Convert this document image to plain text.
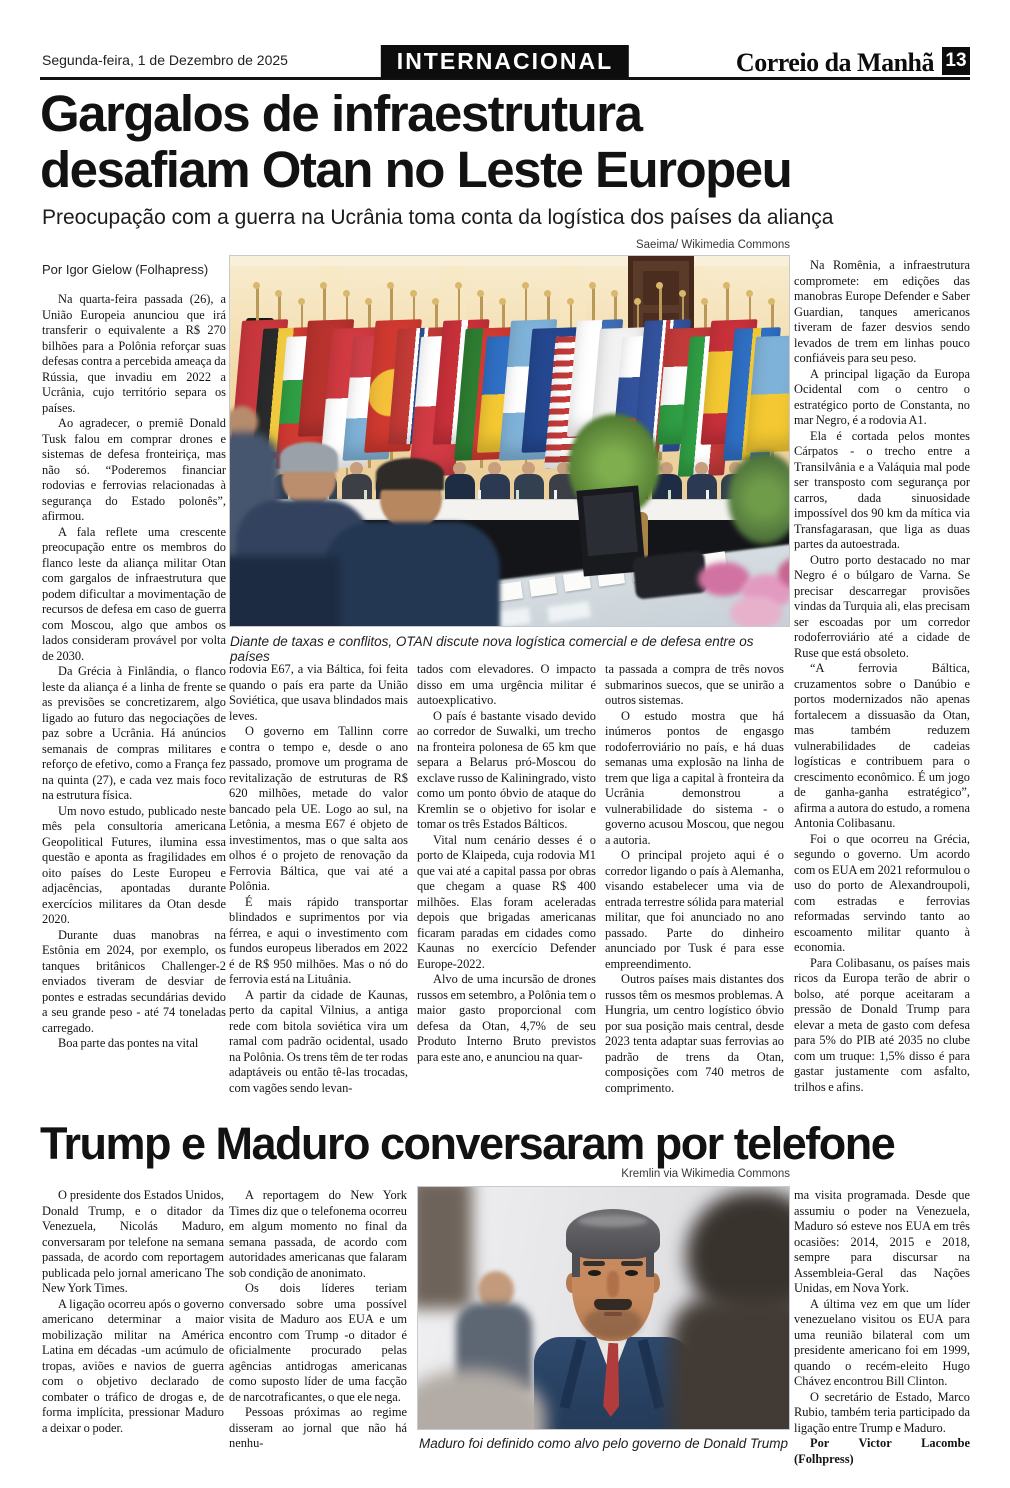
Segunda-feira, 1 de Dezembro de 2025	INTERNACIONAL	Correio da Manhã 13
Gargalos de infraestrutura
desafiam Otan no Leste Europeu
Preocupação com a guerra na Ucrânia toma conta da logística dos países da aliança
Por Igor Gielow (Folhapress)
Saeima/ Wikimedia Commons
Diante de taxas e conflitos, OTAN discute nova logística comercial e de defesa entre os países

Na quarta-feira passada (26), a União Europeia anunciou que irá transferir o equivalente a R$ 270 bilhões para a Polônia reforçar suas defesas contra a percebida ameaça da Rússia, que invadiu em 2022 a Ucrânia, cujo território separa os países.

Ao agradecer, o premiê Donald Tusk falou em comprar drones e sistemas de defesa fronteiriça, mas não só. “Poderemos financiar rodovias e ferrovias relacionadas à segurança do Estado polonês”, afirmou.

A fala reflete uma crescente preocupação entre os membros do flanco leste da aliança militar Otan com gargalos de infraestrutura que podem dificultar a movimentação de recursos de defesa em caso de guerra com Moscou, algo que ambos os lados consideram provável por volta de 2030.

Da Grécia à Finlândia, o flanco leste da aliança é a linha de frente se as previsões se concretizarem, algo ligado ao futuro das negociações de paz sobre a Ucrânia. Há anúncios semanais de compras militares e reforço de efetivo, como a França fez na quinta (27), e cada vez mais foco na estrutura física.

Um novo estudo, publicado neste mês pela consultoria americana Geopolitical Futures, ilumina essa questão e aponta as fragilidades em oito países do Leste Europeu e adjacências, apontadas durante exercícios militares da Otan desde 2020.

Durante duas manobras na Estônia em 2024, por exemplo, os tanques britânicos Challenger-2 enviados tiveram de desviar de pontes e estradas secundárias devido a seu grande peso - até 74 toneladas carregado.

Boa parte das pontes na vital

rodovia E67, a via Báltica, foi feita quando o país era parte da União Soviética, que usava blindados mais leves.

O governo em Tallinn corre contra o tempo e, desde o ano passado, promove um programa de revitalização de estruturas de R$ 620 milhões, metade do valor bancado pela UE. Logo ao sul, na Letônia, a mesma E67 é objeto de investimentos, mas o que salta aos olhos é o projeto de renovação da Ferrovia Báltica, que vai até a Polônia.

É mais rápido transportar blindados e suprimentos por via férrea, e aqui o investimento com fundos europeus liberados em 2022 é de R$ 950 milhões. Mas o nó do ferrovia está na Lituânia.

A partir da cidade de Kaunas, perto da capital Vilnius, a antiga rede com bitola soviética vira um ramal com padrão ocidental, usado na Polônia. Os trens têm de ter rodas adaptáveis ou então tê-las trocadas, com vagões sendo levan-

tados com elevadores. O impacto disso em uma urgência militar é autoexplicativo.

O país é bastante visado devido ao corredor de Suwalki, um trecho na fronteira polonesa de 65 km que separa a Belarus pró-Moscou do exclave russo de Kaliningrado, visto como um ponto óbvio de ataque do Kremlin se o objetivo for isolar e tomar os três Estados Bálticos.

Vital num cenário desses é o porto de Klaipeda, cuja rodovia M1 que vai até a capital passa por obras que chegam a quase R$ 400 milhões. Elas foram aceleradas depois que brigadas americanas ficaram paradas em cidades como Kaunas no exercício Defender Europe-2022.

Alvo de uma incursão de drones russos em setembro, a Polônia tem o maior gasto proporcional com defesa da Otan, 4,7% de seu Produto Interno Bruto previstos para este ano, e anunciou na quar-

ta passada a compra de três novos submarinos suecos, que se unirão a outros sistemas.

O estudo mostra que há inúmeros pontos de engasgo rodoferroviário no país, e há duas semanas uma explosão na linha de trem que liga a capital à fronteira da Ucrânia demonstrou a vulnerabilidade do sistema - o governo acusou Moscou, que negou a autoria.

O principal projeto aqui é o corredor ligando o país à Alemanha, visando estabelecer uma via de entrada terrestre sólida para material militar, que foi anunciado no ano passado. Parte do dinheiro anunciado por Tusk é para esse empreendimento.

Outros países mais distantes dos russos têm os mesmos problemas. A Hungria, um centro logístico óbvio por sua posição mais central, desde 2023 tenta adaptar suas ferrovias ao padrão de trens da Otan, composições com 740 metros de comprimento.

Na Romênia, a infraestrutura compromete: em edições das manobras Europe Defender e Saber Guardian, tanques americanos tiveram de fazer desvios sendo levados de trem em linhas pouco confiáveis para seu peso.

A principal ligação da Europa Ocidental com o centro o estratégico porto de Constanta, no mar Negro, é a rodovia A1.

Ela é cortada pelos montes Cárpatos - o trecho entre a Transilvânia e a Valáquia mal pode ser transposto com segurança por carros, dada sinuosidade impossível dos 90 km da mítica via Transfagarasan, que liga as duas partes da autoestrada.

Outro porto destacado no mar Negro é o búlgaro de Varna. Se precisar descarregar provisões vindas da Turquia ali, elas precisam ser escoadas por um corredor rodoferroviário até a cidade de Ruse que está obsoleto.

“A ferrovia Báltica, cruzamentos sobre o Danúbio e portos modernizados não apenas fortalecem a dissuasão da Otan, mas também reduzem vulnerabilidades de cadeias logísticas e contribuem para o crescimento econômico. É um jogo de ganha-ganha estratégico”, afirma a autora do estudo, a romena Antonia Colibasanu.

Foi o que ocorreu na Grécia, segundo o governo. Um acordo com os EUA em 2021 reformulou o uso do porto de Alexandroupoli, com estradas e ferrovias reformadas servindo tanto ao escoamento militar quanto à economia.

Para Colibasanu, os países mais ricos da Europa terão de abrir o bolso, até porque aceitaram a pressão de Donald Trump para elevar a meta de gasto com defesa para 5% do PIB até 2035 no clube com um truque: 1,5% disso é para gastar justamente com asfalto, trilhos e afins.

Trump e Maduro conversaram por telefone
Kremlin via Wikimedia Commons
Maduro foi definido como alvo pelo governo de Donald Trump

O presidente dos Estados Unidos, Donald Trump, e o ditador da Venezuela, Nicolás Maduro, conversaram por telefone na semana passada, de acordo com reportagem publicada pelo jornal americano The New York Times.

A ligação ocorreu após o governo americano determinar a maior mobilização militar na América Latina em décadas -um acúmulo de tropas, aviões e navios de guerra com o objetivo declarado de combater o tráfico de drogas e, de forma implícita, pressionar Maduro a deixar o poder.

A reportagem do New York Times diz que o telefonema ocorreu em algum momento no final da semana passada, de acordo com autoridades americanas que falaram sob condição de anonimato.

Os dois líderes teriam conversado sobre uma possível visita de Maduro aos EUA e um encontro com Trump -o ditador é oficialmente procurado pelas agências antidrogas americanas como suposto líder de uma facção de narcotraficantes, o que ele nega.

Pessoas próximas ao regime disseram ao jornal que não há nenhu-

ma visita programada. Desde que assumiu o poder na Venezuela, Maduro só esteve nos EUA em três ocasiões: 2014, 2015 e 2018, sempre para discursar na Assembleia-Geral das Nações Unidas, em Nova York.

A última vez em que um líder venezuelano visitou os EUA para uma reunião bilateral com um presidente americano foi em 1999, quando o recém-eleito Hugo Chávez encontrou Bill Clinton.

O secretário de Estado, Marco Rubio, também teria participado da ligação entre Trump e Maduro.

Por Victor Lacombe (Folhpress)
